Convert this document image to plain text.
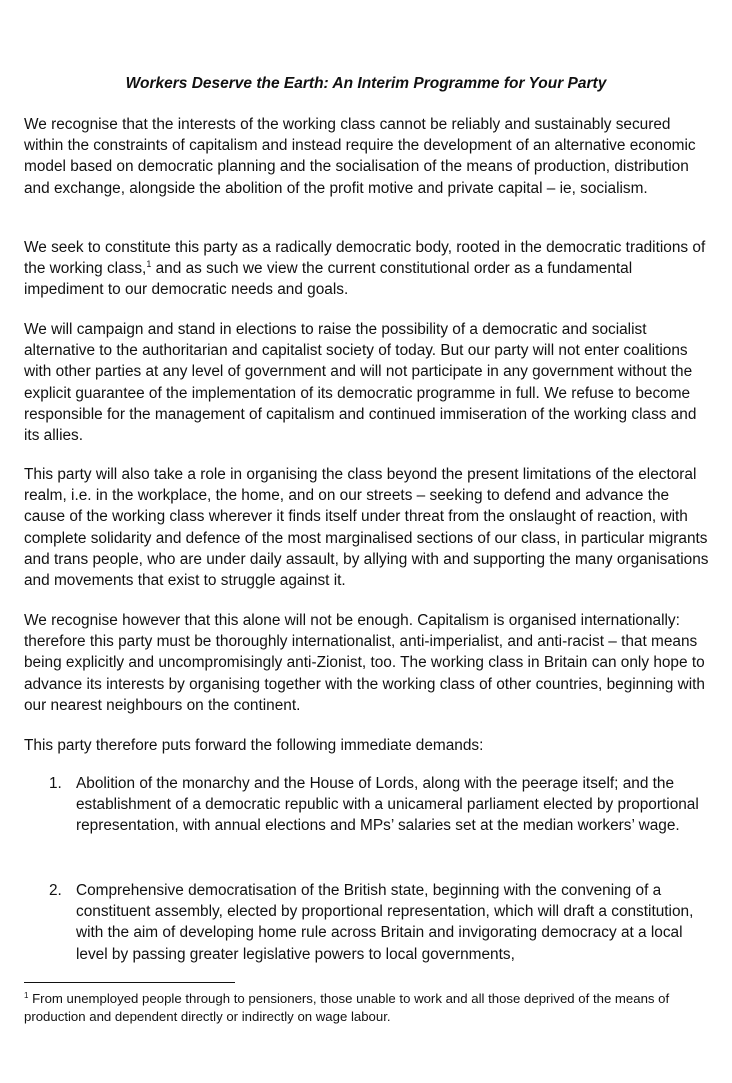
Workers Deserve the Earth: An Interim Programme for Your Party

We recognise that the interests of the working class cannot be reliably and sustainably secured within the constraints of capitalism and instead require the development of an alternative economic model based on democratic planning and the socialisation of the means of production, distribution and exchange, alongside the abolition of the profit motive and private capital – ie, socialism.

We seek to constitute this party as a radically democratic body, rooted in the democratic traditions of the working class,$^1$ and as such we view the current constitutional order as a fundamental impediment to our democratic needs and goals.

We will campaign and stand in elections to raise the possibility of a democratic and socialist alternative to the authoritarian and capitalist society of today. But our party will not enter coalitions with other parties at any level of government and will not participate in any government without the explicit guarantee of the implementation of its democratic programme in full. We refuse to become responsible for the management of capitalism and continued immiseration of the working class and its allies.

This party will also take a role in organising the class beyond the present limitations of the electoral realm, i.e. in the workplace, the home, and on our streets – seeking to defend and advance the cause of the working class wherever it finds itself under threat from the onslaught of reaction, with complete solidarity and defence of the most marginalised sections of our class, in particular migrants and trans people, who are under daily assault, by allying with and supporting the many organisations and movements that exist to struggle against it.

We recognise however that this alone will not be enough. Capitalism is organised internationally: therefore this party must be thoroughly internationalist, anti-imperialist, and anti-racist – that means being explicitly and uncompromisingly anti-Zionist, too. The working class in Britain can only hope to advance its interests by organising together with the working class of other countries, beginning with our nearest neighbours on the continent.

This party therefore puts forward the following immediate demands:

1. Abolition of the monarchy and the House of Lords, along with the peerage itself; and the establishment of a democratic republic with a unicameral parliament elected by proportional representation, with annual elections and MPs’ salaries set at the median workers’ wage.
2. Comprehensive democratisation of the British state, beginning with the convening of a constituent assembly, elected by proportional representation, which will draft a constitution, with the aim of developing home rule across Britain and invigorating democracy at a local level by passing greater legislative powers to local governments,
$^1$ From unemployed people through to pensioners, those unable to work and all those deprived of the means of production and dependent directly or indirectly on wage labour.
